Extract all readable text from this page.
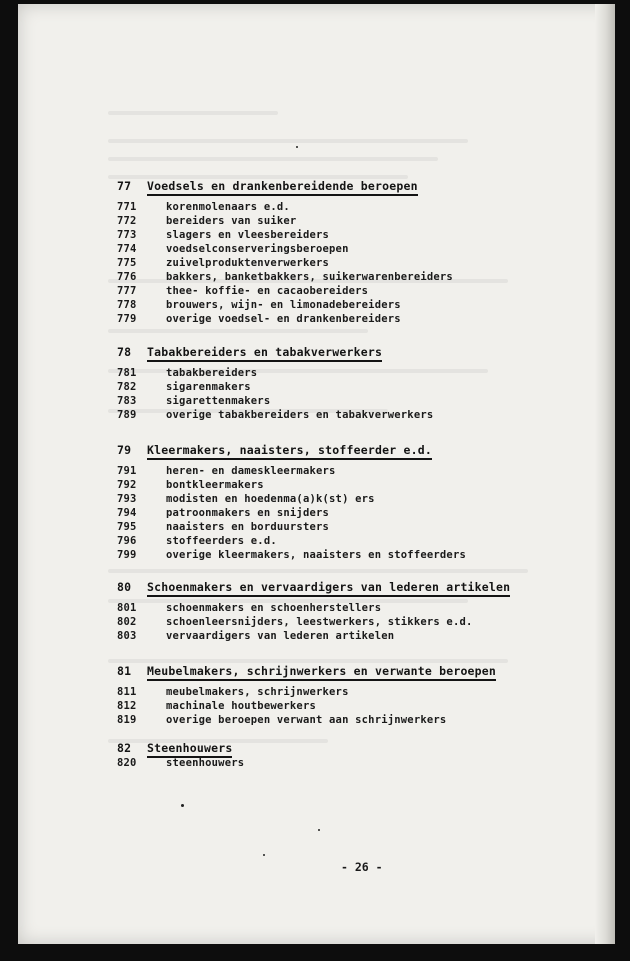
77 Voedsels en drankenbereidende beroepen
771	korenmolenaars e.d.
772	bereiders van suiker
773	slagers en vleesbereiders
774	voedselconserveringsberoepen
775	zuivelproduktenverwerkers
776	bakkers, banketbakkers, suikerwarenbereiders
777	thee- koffie- en cacaobereiders
778	brouwers, wijn- en limonadebereiders
779	overige voedsel- en drankenbereiders
78 Tabakbereiders en tabakverwerkers
781	tabakbereiders
782	sigarenmakers
783	sigarettenmakers
789	overige tabakbereiders en tabakverwerkers
79 Kleermakers, naaisters, stoffeerder e.d.
791	heren- en dameskleermakers
792	bontkleermakers
793	modisten en hoedenma(a)k(st) ers
794	patroonmakers en snijders
795	naaisters en borduursters
796	stoffeerders e.d.
799	overige kleermakers, naaisters en stoffeerders
80 Schoenmakers en vervaardigers van lederen artikelen
801	schoenmakers en schoenherstellers
802	schoenleersnijders, leestwerkers, stikkers e.d.
803	vervaardigers van lederen artikelen
81 Meubelmakers, schrijnwerkers en verwante beroepen
811	meubelmakers, schrijnwerkers
812	machinale houtbewerkers
819	overige beroepen verwant aan schrijnwerkers
82 Steenhouwers
820	steenhouwers
- 26 -
